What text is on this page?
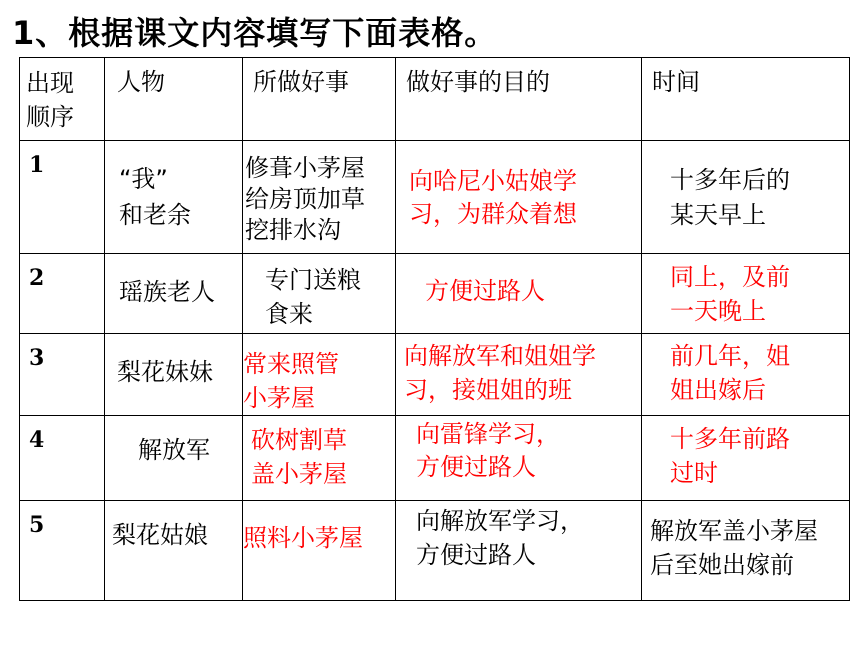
1、根据课文内容填写下面表格。
出现
顺序	人物	所做好事	做好事的目的	时间

1	“我”
和老余	修葺小茅屋
给房顶加草
挖排水沟	向哈尼小姑娘学
习，为群众着想	十多年后的
某天早上

2	瑶族老人	专门送粮
食来	方便过路人	同上，及前
一天晚上

3	梨花妹妹	常来照管
小茅屋	向解放军和姐姐学
习，接姐姐的班	前几年，姐
姐出嫁后

4	解放军	砍树割草
盖小茅屋	向雷锋学习，
方便过路人	十多年前路
过时

5	梨花姑娘	照料小茅屋	向解放军学习，
方便过路人	解放军盖小茅屋
后至她出嫁前
